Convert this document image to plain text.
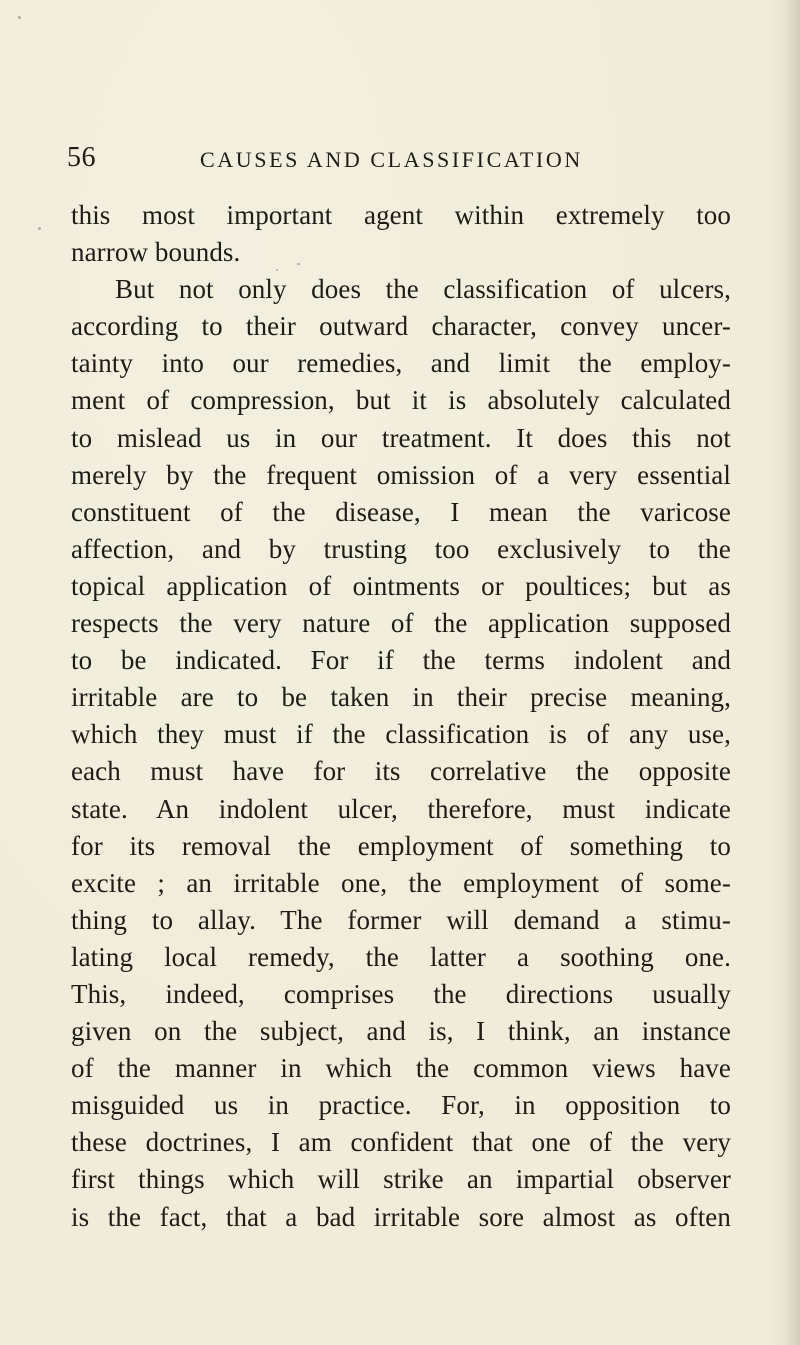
56	CAUSES AND CLASSIFICATION
this most important agent within extremely too
narrow bounds.
But not only does the classification of ulcers,
according to their outward character, convey uncer-
tainty into our remedies, and limit the employ-
ment of compression, but it is absolutely calculated
to mislead us in our treatment. It does this not
merely by the frequent omission of a very essential
constituent of the disease, I mean the varicose
affection, and by trusting too exclusively to the
topical application of ointments or poultices; but as
respects the very nature of the application supposed
to be indicated. For if the terms indolent and
irritable are to be taken in their precise meaning,
which they must if the classification is of any use,
each must have for its correlative the opposite
state. An indolent ulcer, therefore, must indicate
for its removal the employment of something to
excite ; an irritable one, the employment of some-
thing to allay. The former will demand a stimu-
lating local remedy, the latter a soothing one.
This, indeed, comprises the directions usually
given on the subject, and is, I think, an instance
of the manner in which the common views have
misguided us in practice. For, in opposition to
these doctrines, I am confident that one of the very
first things which will strike an impartial observer
is the fact, that a bad irritable sore almost as often
